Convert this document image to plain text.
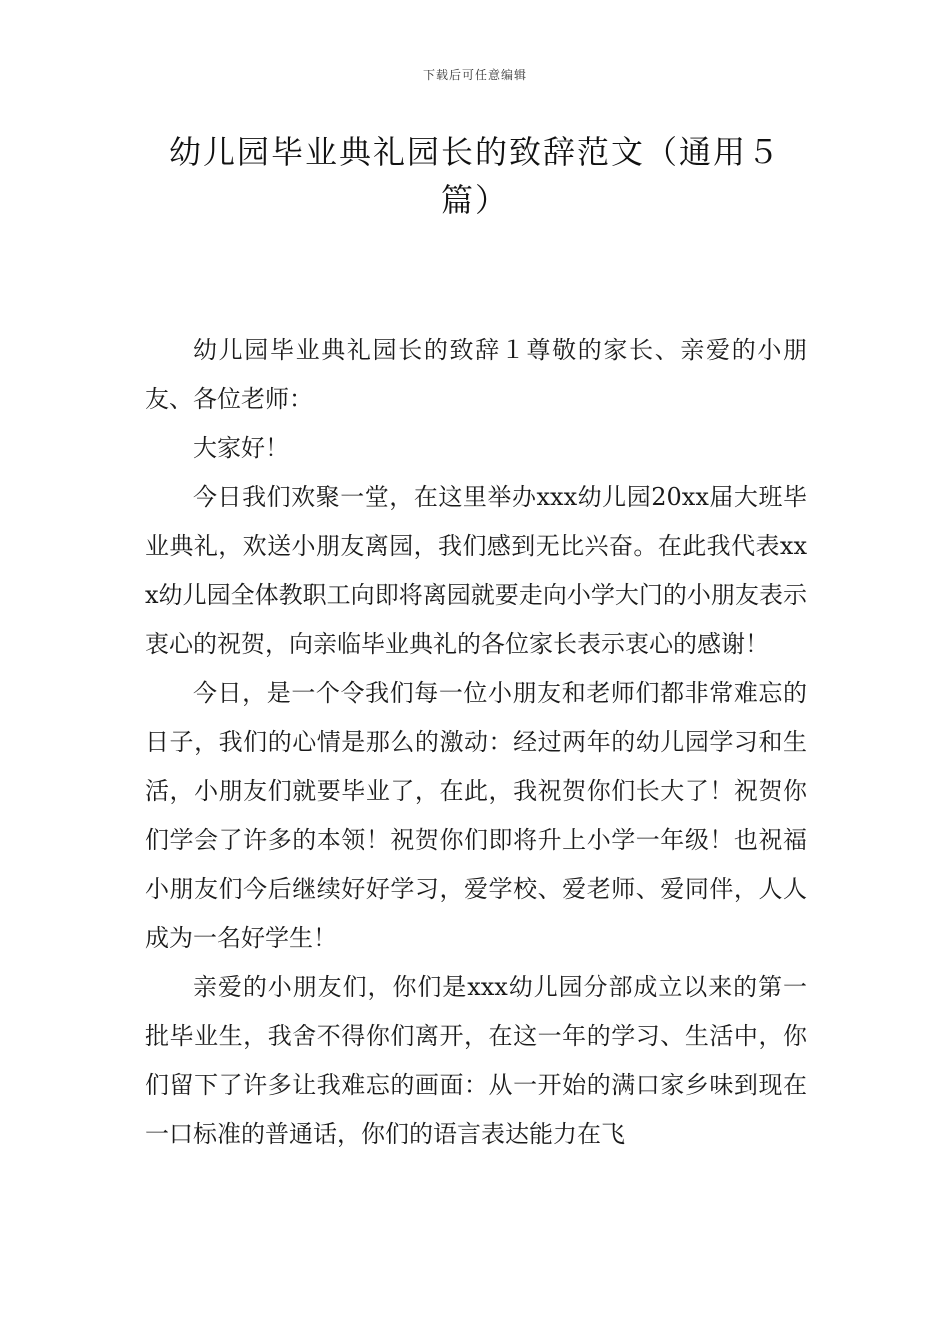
下载后可任意编辑
幼儿园毕业典礼园长的致辞范文（通用５篇）

幼儿园毕业典礼园长的致辞１尊敬的家长、亲爱的小朋友、各位老师：

大家好！

今日我们欢聚一堂，在这里举办xxx幼儿园20xx届大班毕业典礼，欢送小朋友离园，我们感到无比兴奋。在此我代表xxx幼儿园全体教职工向即将离园就要走向小学大门的小朋友表示衷心的祝贺，向亲临毕业典礼的各位家长表示衷心的感谢！

今日，是一个令我们每一位小朋友和老师们都非常难忘的日子，我们的心情是那么的激动：经过两年的幼儿园学习和生活，小朋友们就要毕业了，在此，我祝贺你们长大了！祝贺你们学会了许多的本领！祝贺你们即将升上小学一年级！也祝福小朋友们今后继续好好学习，爱学校、爱老师、爱同伴，人人成为一名好学生！

亲爱的小朋友们，你们是xxx幼儿园分部成立以来的第一批毕业生，我舍不得你们离开，在这一年的学习、生活中，你们留下了许多让我难忘的画面：从一开始的满口家乡味到现在一口标准的普通话，你们的语言表达能力在飞
